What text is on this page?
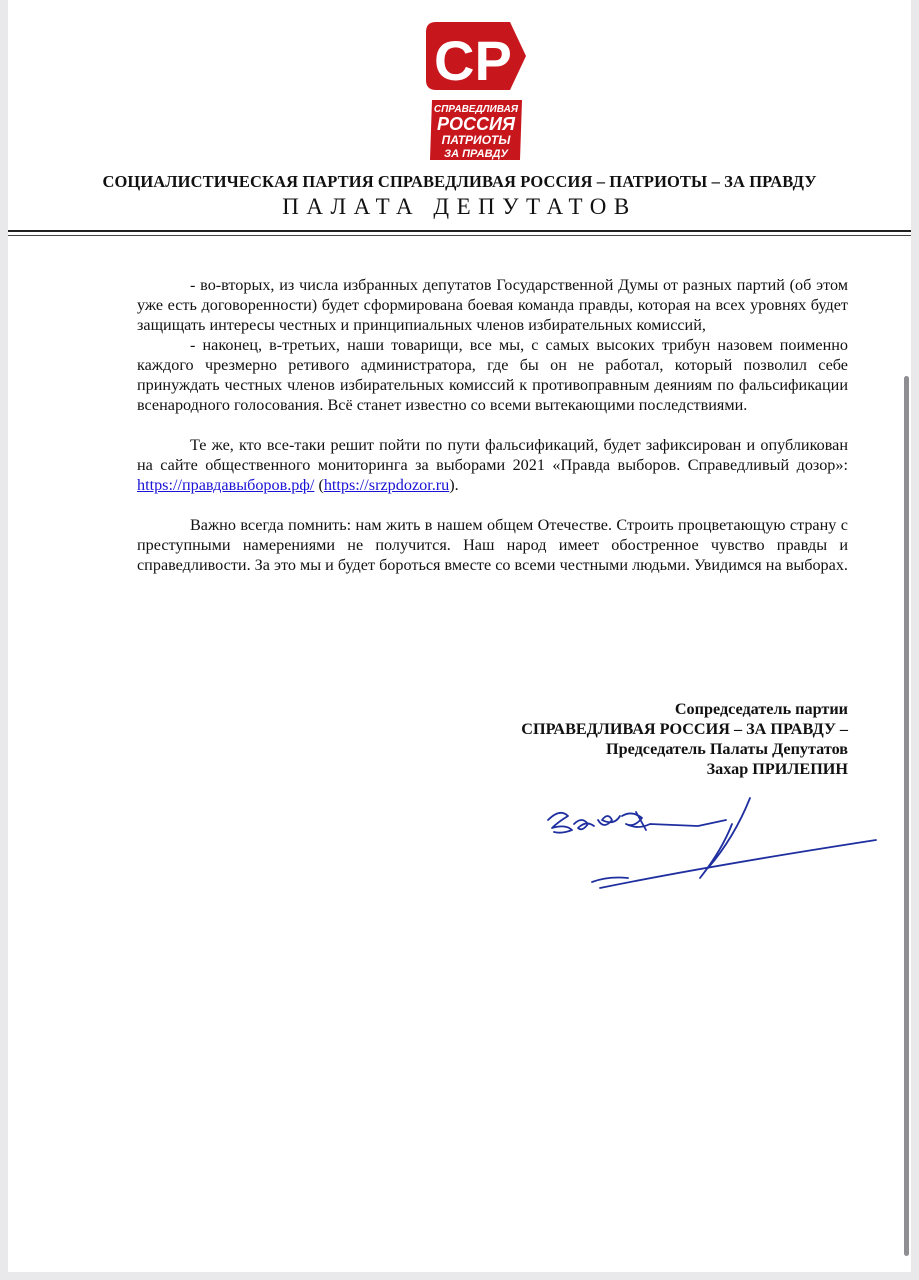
СР
СПРАВЕДЛИВАЯ
РОССИЯ
ПАТРИОТЫ
ЗА ПРАВДУ
СОЦИАЛИСТИЧЕСКАЯ ПАРТИЯ СПРАВЕДЛИВАЯ РОССИЯ – ПАТРИОТЫ – ЗА ПРАВДУ
ПАЛАТА ДЕПУТАТОВ

- во-вторых, из числа избранных депутатов Государственной Думы от разных партий (об этом уже есть договоренности) будет сформирована боевая команда правды, которая на всех уровнях будет защищать интересы честных и принципиальных членов избирательных комиссий,

- наконец, в-третьих, наши товарищи, все мы, с самых высоких трибун назовем поименно каждого чрезмерно ретивого администратора, где бы он не работал, который позволил себе принуждать честных членов избирательных комиссий к противоправным деяниям по фальсификации всенародного голосования. Всё станет известно со всеми вытекающими последствиями.

Те же, кто все-таки решит пойти по пути фальсификаций, будет зафиксирован и опубликован на сайте общественного мониторинга за выборами 2021 «Правда выборов. Справедливый дозор»: https://правдавыборов.рф/ (https://srzpdozor.ru).

Важно всегда помнить: нам жить в нашем общем Отечестве. Строить процветающую страну с преступными намерениями не получится. Наш народ имеет обостренное чувство правды и справедливости. За это мы и будет бороться вместе со всеми честными людьми. Увидимся на выборах.

Сопредседатель партии
СПРАВЕДЛИВАЯ РОССИЯ – ЗА ПРАВДУ –
Председатель Палаты Депутатов
Захар ПРИЛЕПИН
